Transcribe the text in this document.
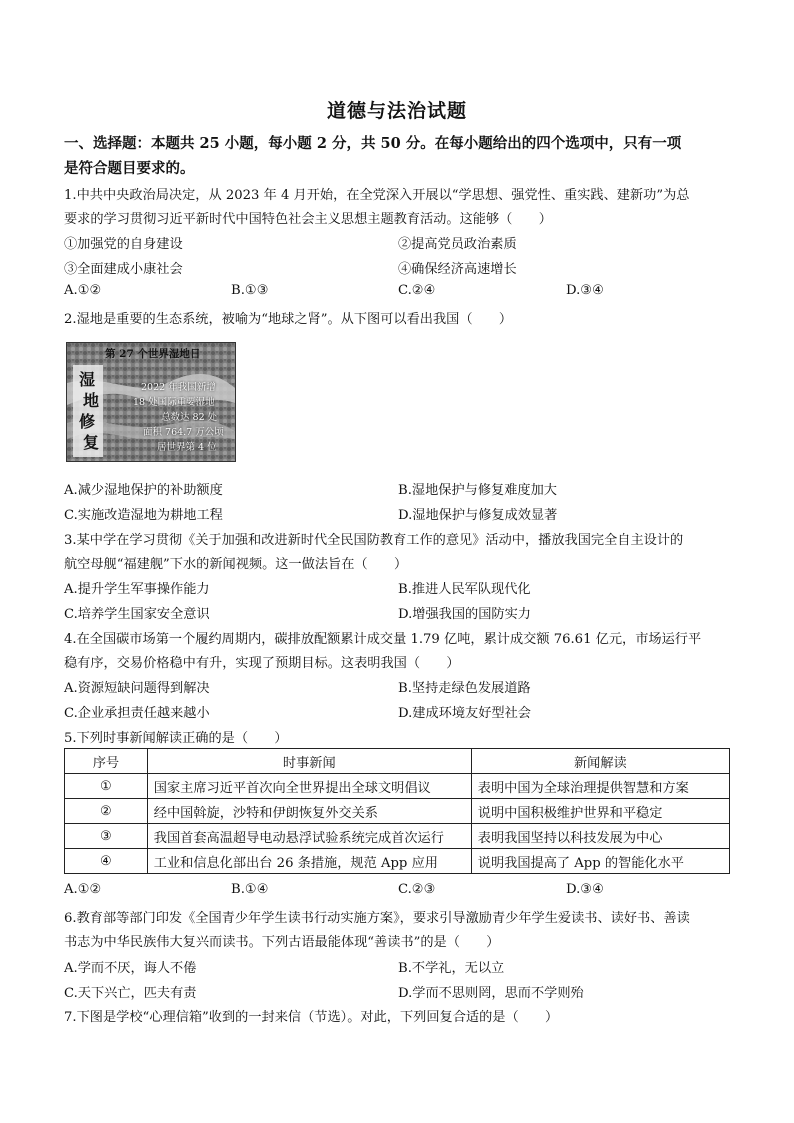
道德与法治试题
一、选择题：本题共 25 小题，每小题 2 分，共 50 分。在每小题给出的四个选项中，只有一项
是符合题目要求的。
1.中共中央政治局决定，从 2023 年 4 月开始，在全党深入开展以“学思想、强党性、重实践、建新功”为总
要求的学习贯彻习近平新时代中国特色社会主义思想主题教育活动。这能够（　　）
①加强党的自身建设	②提高党员政治素质
③全面建成小康社会	④确保经济高速增长
A.①②	B.①③	C.②④	D.③④
2.湿地是重要的生态系统，被喻为“地球之肾”。从下图可以看出我国（　　）
第 27 个世界湿地日
湿
地
修
复
2022 年我国新增
18 处国际重要湿地
总数达 82 处
面积 764.7 万公顷
居世界第 4 位
A.减少湿地保护的补助额度	B.湿地保护与修复难度加大
C.实施改造湿地为耕地工程	D.湿地保护与修复成效显著
3.某中学在学习贯彻《关于加强和改进新时代全民国防教育工作的意见》活动中，播放我国完全自主设计的
航空母舰“福建舰”下水的新闻视频。这一做法旨在（　　）
A.提升学生军事操作能力	B.推进人民军队现代化
C.培养学生国家安全意识	D.增强我国的国防实力
4.在全国碳市场第一个履约周期内，碳排放配额累计成交量 1.79 亿吨，累计成交额 76.61 亿元，市场运行平
稳有序，交易价格稳中有升，实现了预期目标。这表明我国（　　）
A.资源短缺问题得到解决	B.坚持走绿色发展道路
C.企业承担责任越来越小	D.建成环境友好型社会
5.下列时事新闻解读正确的是（　　）
序号	时事新闻	新闻解读
①	国家主席习近平首次向全世界提出全球文明倡议	表明中国为全球治理提供智慧和方案
②	经中国斡旋，沙特和伊朗恢复外交关系	说明中国积极维护世界和平稳定
③	我国首套高温超导电动悬浮试验系统完成首次运行	表明我国坚持以科技发展为中心
④	工业和信息化部出台 26 条措施，规范 App 应用	说明我国提高了 App 的智能化水平
A.①②	B.①④	C.②③	D.③④
6.教育部等部门印发《全国青少年学生读书行动实施方案》，要求引导激励青少年学生爱读书、读好书、善读
书志为中华民族伟大复兴而读书。下列古语最能体现“善读书”的是（　　）
A.学而不厌，诲人不倦	B.不学礼，无以立
C.天下兴亡，匹夫有责	D.学而不思则罔，思而不学则殆
7.下图是学校“心理信箱”收到的一封来信（节选）。对此，下列回复合适的是（　　）
